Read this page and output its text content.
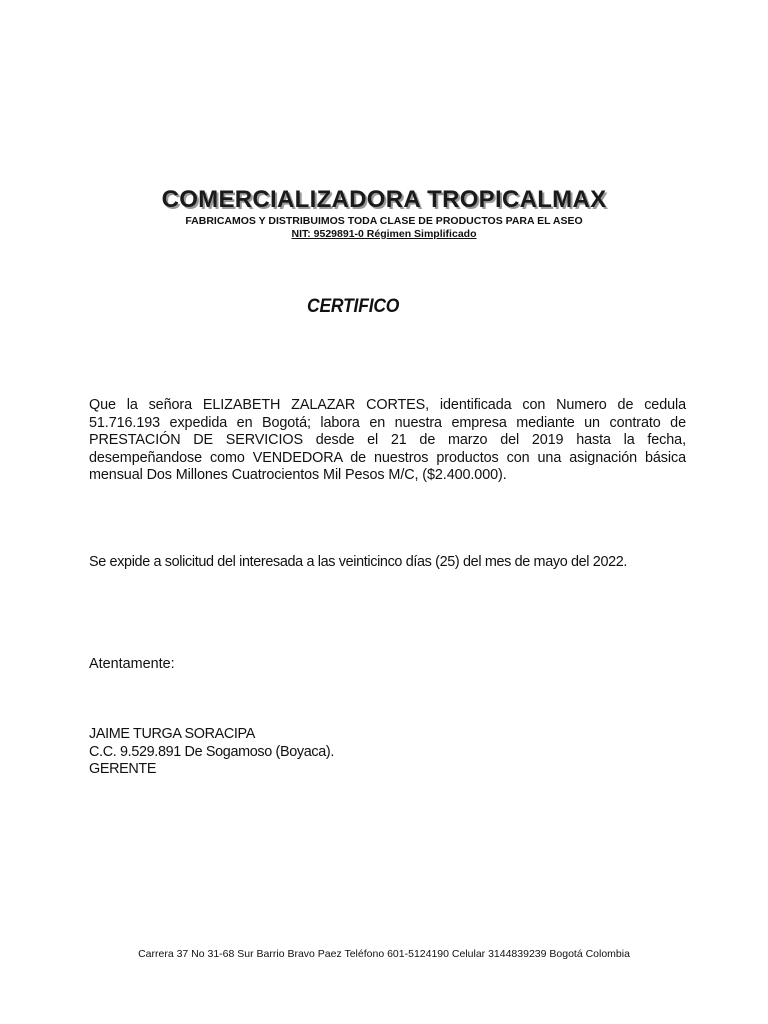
COMERCIALIZADORA TROPICALMAX
FABRICAMOS Y DISTRIBUIMOS TODA CLASE DE PRODUCTOS PARA EL ASEO
NIT: 9529891-0 Régimen Simplificado
CERTIFICO

Que la señora ELIZABETH ZALAZAR CORTES, identificada con Numero de cedula 51.716.193 expedida en Bogotá; labora en nuestra empresa mediante un contrato de PRESTACIÓN DE SERVICIOS desde el 21 de marzo del 2019 hasta la fecha, desempeñandose como VENDEDORA de nuestros productos con una asignación básica mensual Dos Millones Cuatrocientos Mil Pesos M/C, ($2.400.000).

Se expide a solicitud del interesada a las veinticinco días (25) del mes de mayo del 2022.

Atentamente:

JAIME TURGA SORACIPA
C.C. 9.529.891 De Sogamoso (Boyaca).
GERENTE
Carrera 37 No 31-68 Sur Barrio Bravo Paez Teléfono 601-5124190 Celular 3144839239 Bogotá Colombia
